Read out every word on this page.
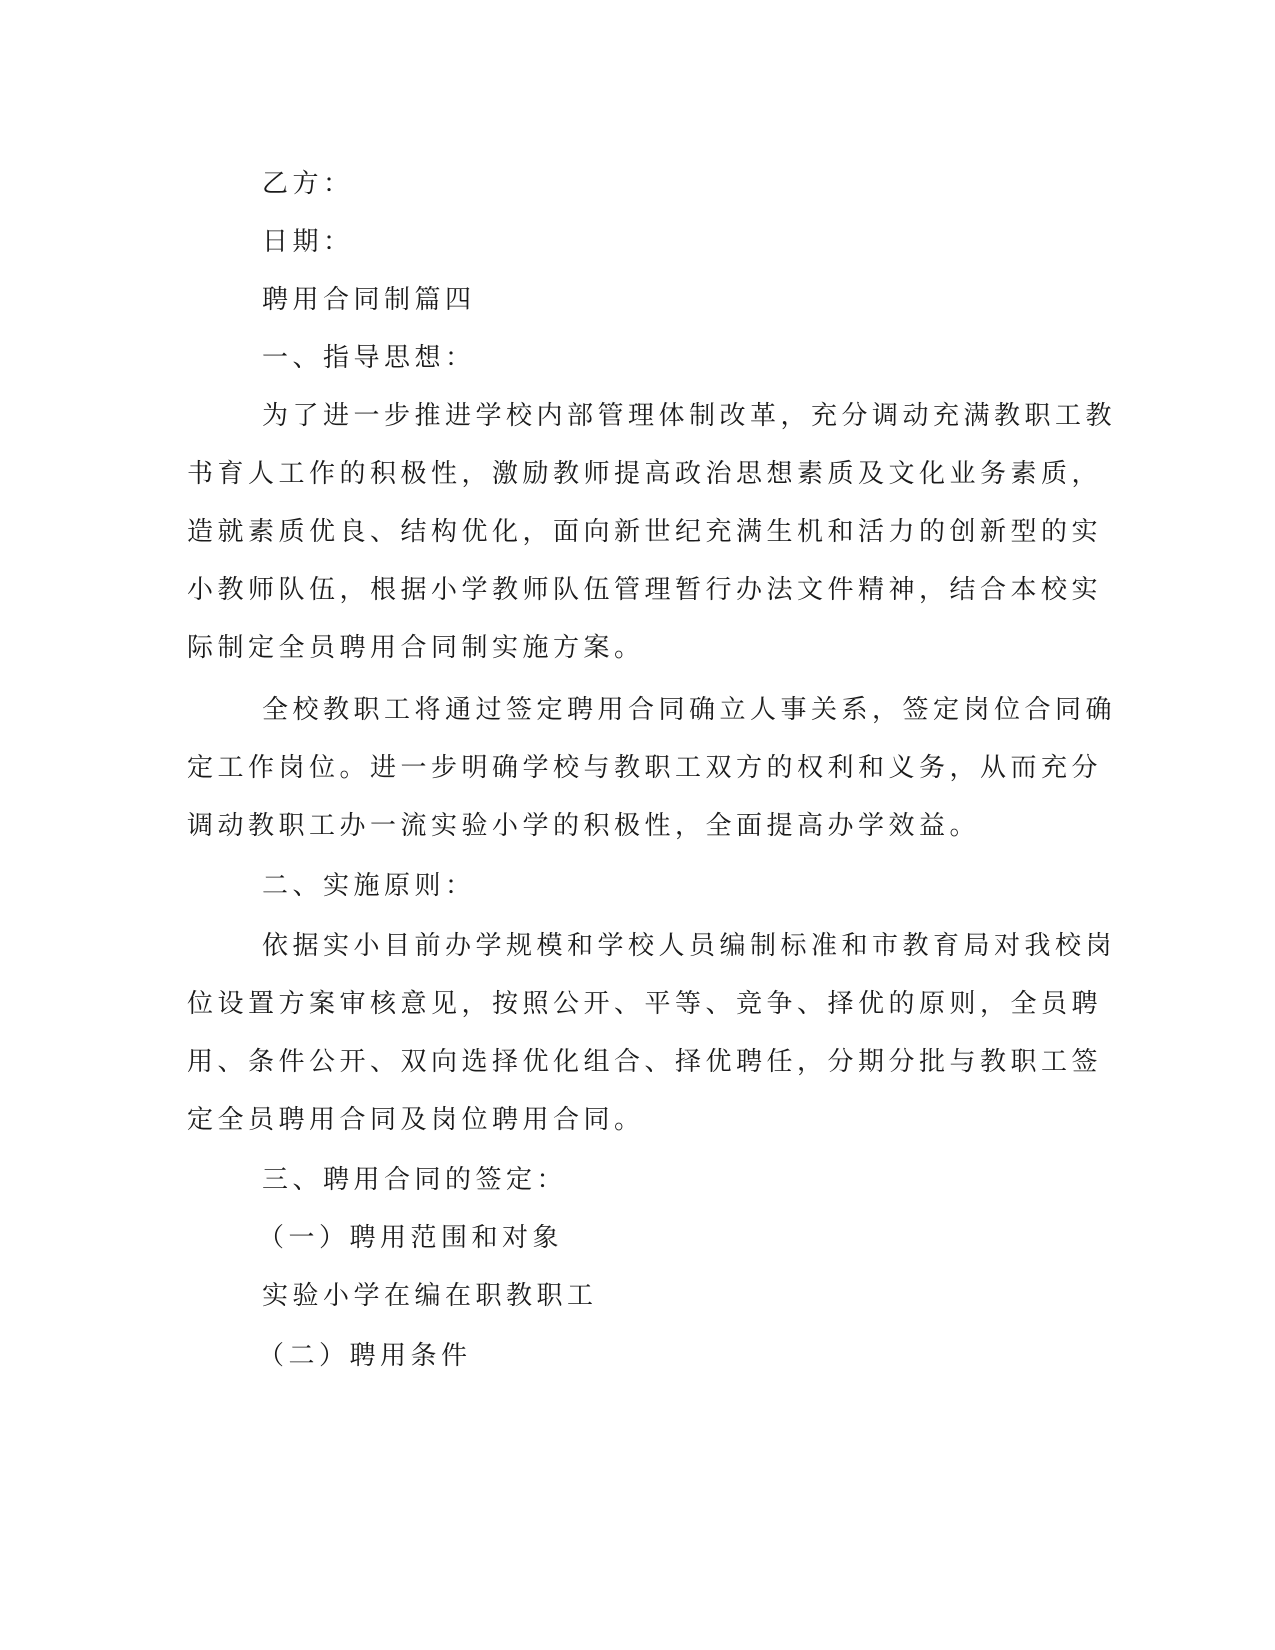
乙方：

日期：

聘用合同制篇四

一、指导思想：

为了进一步推进学校内部管理体制改革，充分调动充满教职工教

书育人工作的积极性，激励教师提高政治思想素质及文化业务素质，

造就素质优良、结构优化，面向新世纪充满生机和活力的创新型的实

小教师队伍，根据小学教师队伍管理暂行办法文件精神，结合本校实

际制定全员聘用合同制实施方案。

全校教职工将通过签定聘用合同确立人事关系，签定岗位合同确

定工作岗位。进一步明确学校与教职工双方的权利和义务，从而充分

调动教职工办一流实验小学的积极性，全面提高办学效益。

二、实施原则：

依据实小目前办学规模和学校人员编制标准和市教育局对我校岗

位设置方案审核意见，按照公开、平等、竞争、择优的原则，全员聘

用、条件公开、双向选择优化组合、择优聘任，分期分批与教职工签

定全员聘用合同及岗位聘用合同。

三、聘用合同的签定：

（一）聘用范围和对象

实验小学在编在职教职工

（二）聘用条件
